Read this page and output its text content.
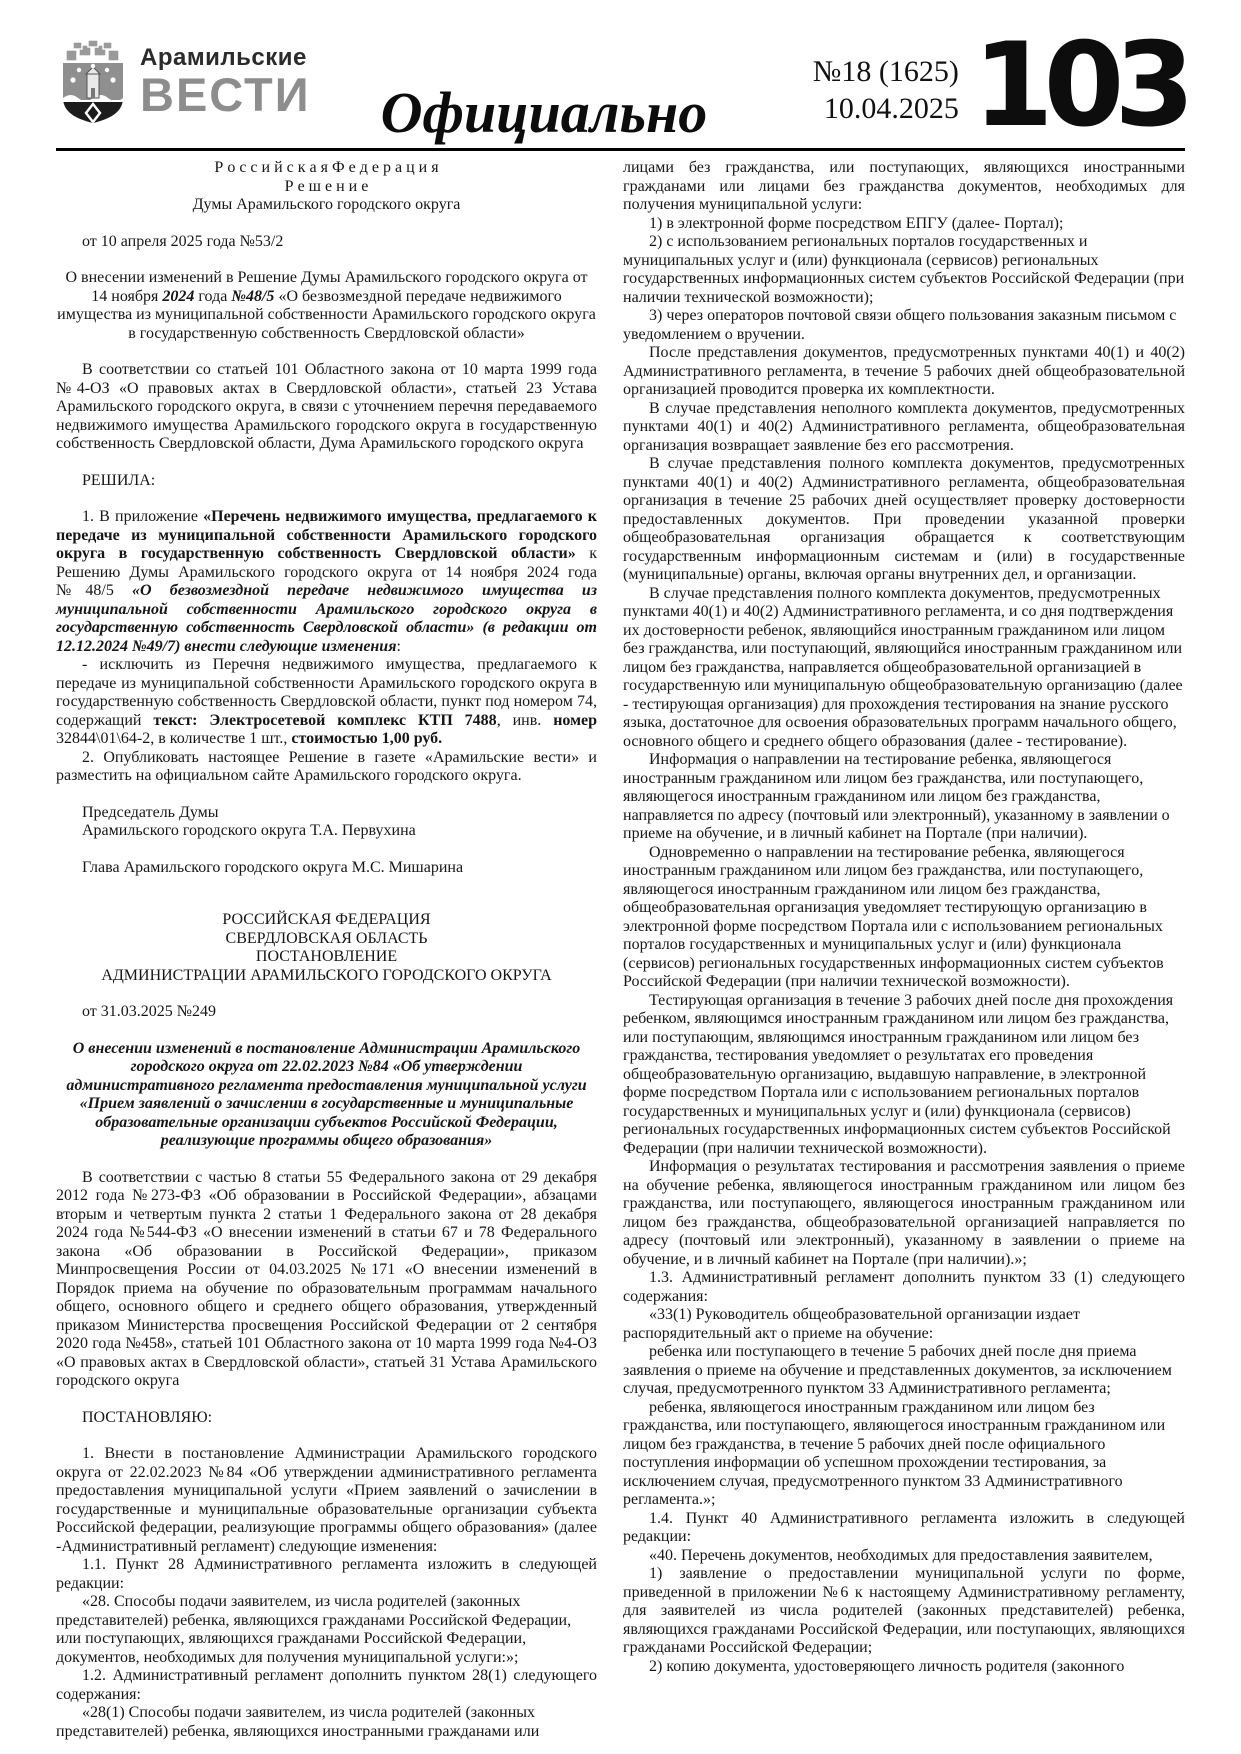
Арамильские
ВЕСТИ Официально
№18 (1625)
10.04.2025 103

Р о с с и й с к а я Ф е д е р а ц и я

Р е ш е н и е

Думы Арамильского городского округа

от 10 апреля 2025 года №53/2

О внесении изменений в Решение Думы Арамильского городского округа от 14 ноября 2024 года №48/5 «О безвозмездной передаче недвижимого имущества из муниципальной собственности Арамильского городского округа в государственную собственность Свердловской области»

В соответствии со статьей 101 Областного закона от 10 марта 1999 года №4-ОЗ «О правовых актах в Свердловской области», статьей 23 Устава Арамильского городского округа, в связи с уточнением перечня передаваемого недвижимого имущества Арамильского городского округа в государственную собственность Свердловской области, Дума Арамильского городского округа

РЕШИЛА:

1. В приложение «Перечень недвижимого имущества, предлагаемого к передаче из муниципальной собственности Арамильского городского округа в государственную собственность Свердловской области» к Решению Думы Арамильского городского округа от 14 ноября 2024 года №48/5 «О безвозмездной передаче недвижимого имущества из муниципальной собственности Арамильского городского округа в государственную собственность Свердловской области» (в редакции от 12.12.2024 №49/7) внести следующие изменения:

- исключить из Перечня недвижимого имущества, предлагаемого к передаче из муниципальной собственности Арамильского городского округа в государственную собственность Свердловской области, пункт под номером 74, содержащий текст: Электросетевой комплекс КТП 7488, инв. номер 32844\01\64-2, в количестве 1 шт., стоимостью 1,00 руб.

2. Опубликовать настоящее Решение в газете «Арамильские вести» и разместить на официальном сайте Арамильского городского округа.

Председатель Думы

Арамильского городского округа Т.А. Первухина

Глава Арамильского городского округа М.С. Мишарина

РОССИЙСКАЯ ФЕДЕРАЦИЯ

СВЕРДЛОВСКАЯ ОБЛАСТЬ

ПОСТАНОВЛЕНИЕ

АДМИНИСТРАЦИИ АРАМИЛЬСКОГО ГОРОДСКОГО ОКРУГА

от 31.03.2025 №249

О внесении изменений в постановление Администрации Арамильского городского округа от 22.02.2023 №84 «Об утверждении административного регламента предоставления муниципальной услуги «Прием заявлений о зачислении в государственные и муниципальные образовательные организации субъектов Российской Федерации, реализующие программы общего образования»

В соответствии с частью 8 статьи 55 Федерального закона от 29 декабря 2012 года №273-ФЗ «Об образовании в Российской Федерации», абзацами вторым и четвертым пункта 2 статьи 1 Федерального закона от 28 декабря 2024 года №544-ФЗ «О внесении изменений в статьи 67 и 78 Федерального закона «Об образовании в Российской Федерации», приказом Минпросвещения России от 04.03.2025 №171 «О внесении изменений в Порядок приема на обучение по образовательным программам начального общего, основного общего и среднего общего образования, утвержденный приказом Министерства просвещения Российской Федерации от 2 сентября 2020 года №458», статьей 101 Областного закона от 10 марта 1999 года №4-ОЗ «О правовых актах в Свердловской области», статьей 31 Устава Арамильского городского округа

ПОСТАНОВЛЯЮ:

1. Внести в постановление Администрации Арамильского городского округа от 22.02.2023 №84 «Об утверждении административного регламента предоставления муниципальной услуги «Прием заявлений о зачислении в государственные и муниципальные образовательные организации субъекта Российской федерации, реализующие программы общего образования» (далее -Административный регламент) следующие изменения:

1.1. Пункт 28 Административного регламента изложить в следующей редакции:

«28. Способы подачи заявителем, из числа родителей (законных представителей) ребенка, являющихся гражданами Российской Федерации, или поступающих, являющихся гражданами Российской Федерации, документов, необходимых для получения муниципальной услуги:»;

1.2. Административный регламент дополнить пунктом 28(1) следующего содержания:

«28(1) Способы подачи заявителем, из числа родителей (законных представителей) ребенка, являющихся иностранными гражданами или

лицами без гражданства, или поступающих, являющихся иностранными гражданами или лицами без гражданства документов, необходимых для получения муниципальной услуги:

1) в электронной форме посредством ЕПГУ (далее- Портал);

2) с использованием региональных порталов государственных и муниципальных услуг и (или) функционала (сервисов) региональных государственных информационных систем субъектов Российской Федерации (при наличии технической возможности);

3) через операторов почтовой связи общего пользования заказным письмом с уведомлением о вручении.

После представления документов, предусмотренных пунктами 40(1) и 40(2) Административного регламента, в течение 5 рабочих дней общеобразовательной организацией проводится проверка их комплектности.

В случае представления неполного комплекта документов, предусмотренных пунктами 40(1) и 40(2) Административного регламента, общеобразовательная организация возвращает заявление без его рассмотрения.

В случае представления полного комплекта документов, предусмотренных пунктами 40(1) и 40(2) Административного регламента, общеобразовательная организация в течение 25 рабочих дней осуществляет проверку достоверности предоставленных документов. При проведении указанной проверки общеобразовательная организация обращается к соответствующим государственным информационным системам и (или) в государственные (муниципальные) органы, включая органы внутренних дел, и организации.

В случае представления полного комплекта документов, предусмотренных пунктами 40(1) и 40(2) Административного регламента, и со дня подтверждения их достоверности ребенок, являющийся иностранным гражданином или лицом без гражданства, или поступающий, являющийся иностранным гражданином или лицом без гражданства, направляется общеобразовательной организацией в государственную или муниципальную общеобразовательную организацию (далее - тестирующая организация) для прохождения тестирования на знание русского языка, достаточное для освоения образовательных программ начального общего, основного общего и среднего общего образования (далее - тестирование).

Информация о направлении на тестирование ребенка, являющегося иностранным гражданином или лицом без гражданства, или поступающего, являющегося иностранным гражданином или лицом без гражданства, направляется по адресу (почтовый или электронный), указанному в заявлении о приеме на обучение, и в личный кабинет на Портале (при наличии).

Одновременно о направлении на тестирование ребенка, являющегося иностранным гражданином или лицом без гражданства, или поступающего, являющегося иностранным гражданином или лицом без гражданства, общеобразовательная организация уведомляет тестирующую организацию в электронной форме посредством Портала или с использованием региональных порталов государственных и муниципальных услуг и (или) функционала (сервисов) региональных государственных информационных систем субъектов Российской Федерации (при наличии технической возможности).

Тестирующая организация в течение 3 рабочих дней после дня прохождения ребенком, являющимся иностранным гражданином или лицом без гражданства, или поступающим, являющимся иностранным гражданином или лицом без гражданства, тестирования уведомляет о результатах его проведения общеобразовательную организацию, выдавшую направление, в электронной форме посредством Портала или с использованием региональных порталов государственных и муниципальных услуг и (или) функционала (сервисов) региональных государственных информационных систем субъектов Российской Федерации (при наличии технической возможности).

Информация о результатах тестирования и рассмотрения заявления о приеме на обучение ребенка, являющегося иностранным гражданином или лицом без гражданства, или поступающего, являющегося иностранным гражданином или лицом без гражданства, общеобразовательной организацией направляется по адресу (почтовый или электронный), указанному в заявлении о приеме на обучение, и в личный кабинет на Портале (при наличии).»;

1.3. Административный регламент дополнить пунктом 33 (1) следующего содержания:

«33(1) Руководитель общеобразовательной организации издает распорядительный акт о приеме на обучение:

ребенка или поступающего в течение 5 рабочих дней после дня приема заявления о приеме на обучение и представленных документов, за исключением случая, предусмотренного пунктом 33 Административного регламента;

ребенка, являющегося иностранным гражданином или лицом без гражданства, или поступающего, являющегося иностранным гражданином или лицом без гражданства, в течение 5 рабочих дней после официального поступления информации об успешном прохождении тестирования, за исключением случая, предусмотренного пунктом 33 Административного регламента.»;

1.4. Пункт 40 Административного регламента изложить в следующей редакции:

«40. Перечень документов, необходимых для предоставления заявителем,

1) заявление о предоставлении муниципальной услуги по форме, приведенной в приложении №6 к настоящему Административному регламенту, для заявителей из числа родителей (законных представителей) ребенка, являющихся гражданами Российской Федерации, или поступающих, являющихся гражданами Российской Федерации;

2) копию документа, удостоверяющего личность родителя (законного
